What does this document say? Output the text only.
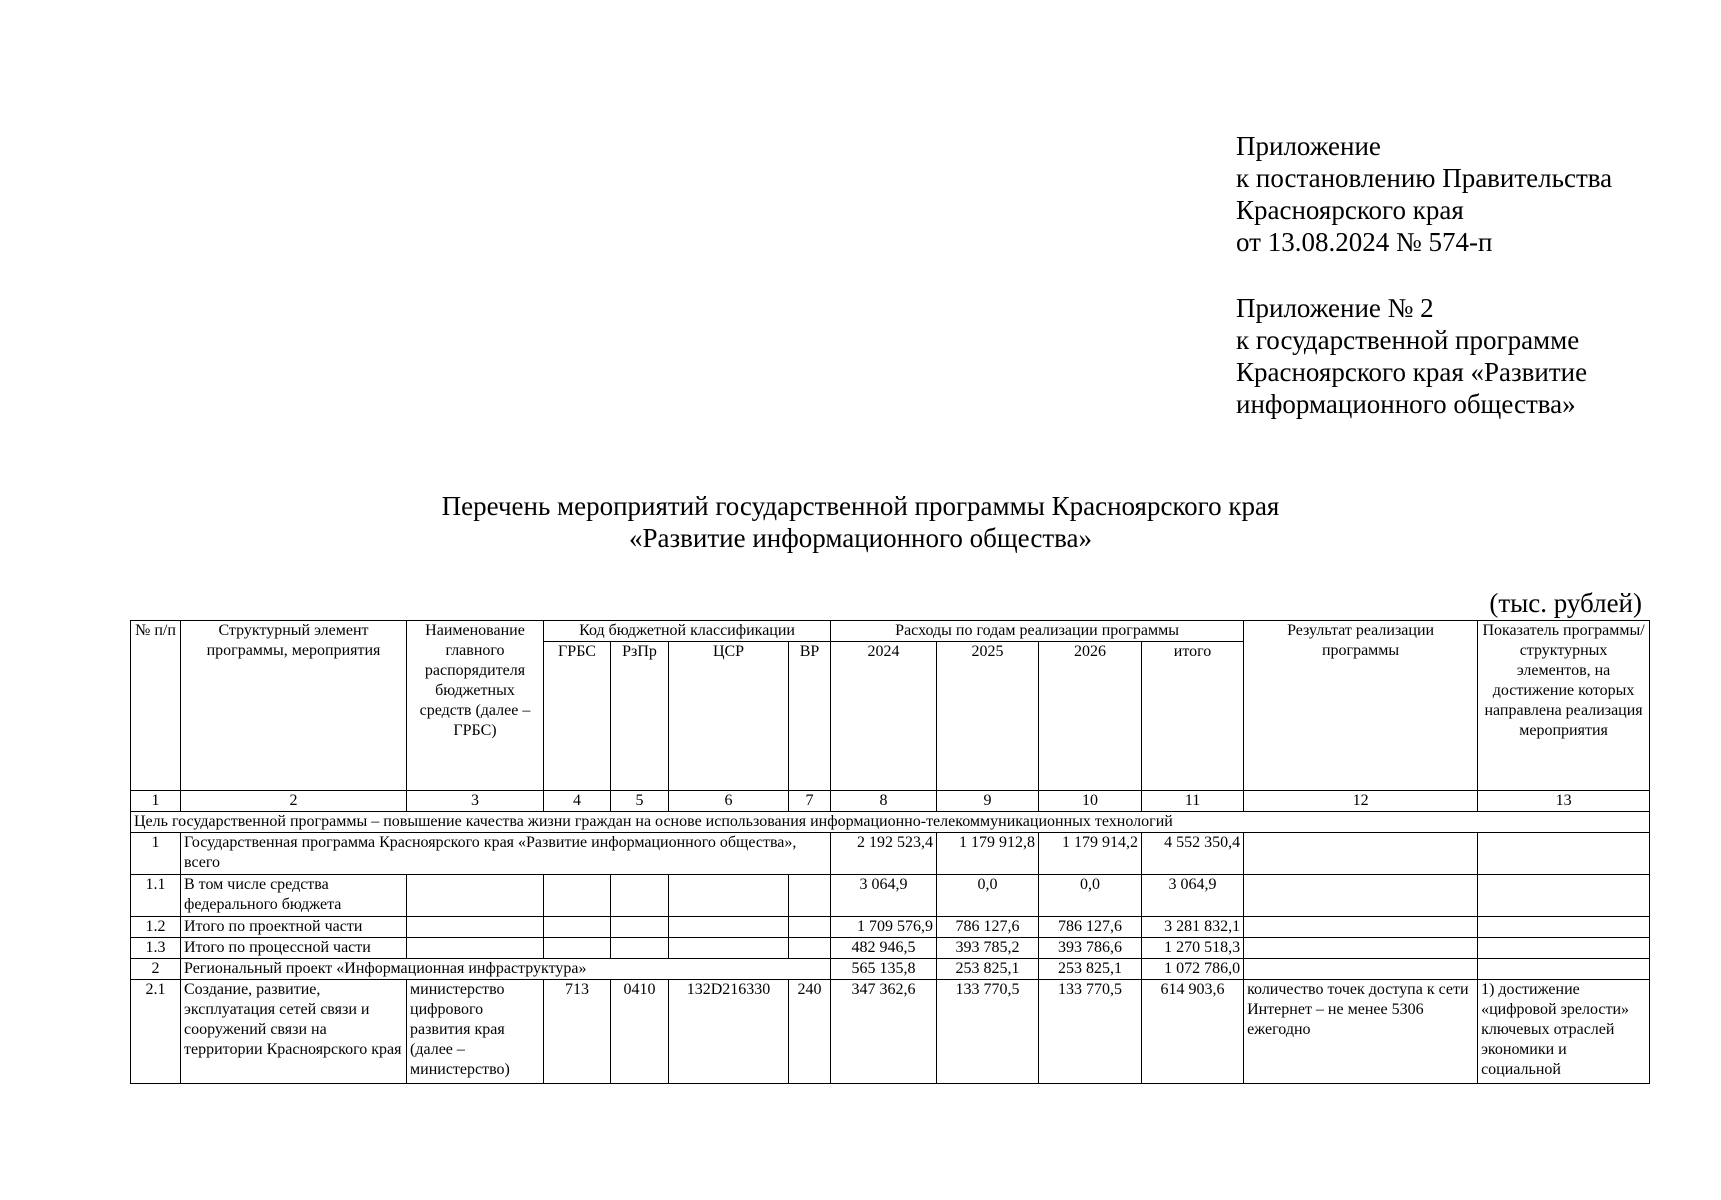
Приложение
к постановлению Правительства
Красноярского края
от 13.08.2024 № 574-п
Приложение № 2
к государственной программе
Красноярского края «Развитие
информационного общества»
Перечень мероприятий государственной программы Красноярского края
«Развитие информационного общества»
(тыс. рублей)
№ п/п	Структурный элемент программы, мероприятия	Наименование главного распорядителя бюджетных средств (далее – ГРБС)	Код бюджетной классификации				Расходы по годам реализации программы				Результат реализации программы	Показатель программы/ структурных элементов, на достижение которых направлена реализация мероприятия
			ГРБС	РзПр	ЦСР	ВР	2024	2025	2026	итого		
1	2	3	4	5	6	7	8	9	10	11	12	13
Цель государственной программы – повышение качества жизни граждан на основе использования информационно-телекоммуникационных технологий												
1	Государственная программа Красноярского края «Развитие информационного общества», всего						2 192 523,4	1 179 912,8	1 179 914,2	4 552 350,4		
1.1	В том числе средства федерального бюджета						3 064,9	0,0	0,0	3 064,9		
1.2	Итого по проектной части						1 709 576,9	786 127,6	786 127,6	3 281 832,1		
1.3	Итого по процессной части						482 946,5	393 785,2	393 786,6	1 270 518,3		
2	Региональный проект «Информационная инфраструктура»						565 135,8	253 825,1	253 825,1	1 072 786,0		
2.1	Создание, развитие, эксплуатация сетей связи и сооружений связи на территории Красноярского края	министерство цифрового развития края (далее – министерство)	713	0410	132D216330	240	347 362,6	133 770,5	133 770,5	614 903,6	количество точек доступа к сети Интернет – не менее 5306 ежегодно	1) достижение «цифровой зрелости» ключевых отраслей экономики и социальной
